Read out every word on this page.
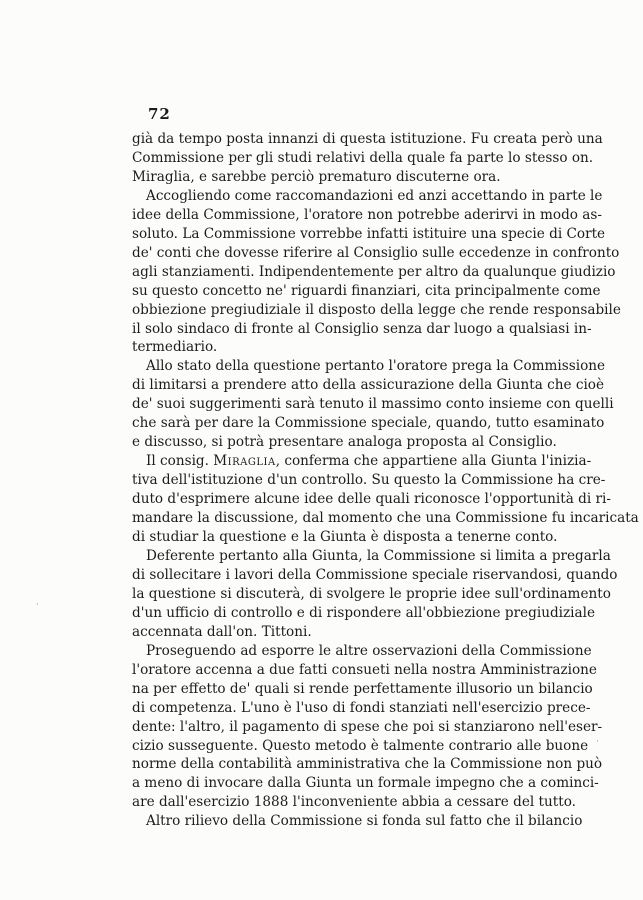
72

già da tempo posta innanzi di questa istituzione. Fu creata però una
Commissione per gli studi relativi della quale fa parte lo stesso on.
Miraglia, e sarebbe perciò prematuro discuterne ora.

Accogliendo come raccomandazioni ed anzi accettando in parte le
idee della Commissione, l'oratore non potrebbe aderirvi in modo as-
soluto. La Commissione vorrebbe infatti istituire una specie di Corte
de' conti che dovesse riferire al Consiglio sulle eccedenze in confronto
agli stanziamenti. Indipendentemente per altro da qualunque giudizio
su questo concetto ne' riguardi finanziari, cita principalmente come
obbiezione pregiudiziale il disposto della legge che rende responsabile
il solo sindaco di fronte al Consiglio senza dar luogo a qualsiasi in-
termediario.

Allo stato della questione pertanto l'oratore prega la Commissione
di limitarsi a prendere atto della assicurazione della Giunta che cioè
de' suoi suggerimenti sarà tenuto il massimo conto insieme con quelli
che sarà per dare la Commissione speciale, quando, tutto esaminato
e discusso, si potrà presentare analoga proposta al Consiglio.

Il consig. Miraglia, conferma che appartiene alla Giunta l'inizia-
tiva dell'istituzione d'un controllo. Su questo la Commissione ha cre-
duto d'esprimere alcune idee delle quali riconosce l'opportunità di ri-
mandare la discussione, dal momento che una Commissione fu incaricata
di studiar la questione e la Giunta è disposta a tenerne conto.

Deferente pertanto alla Giunta, la Commissione si limita a pregarla
di sollecitare i lavori della Commissione speciale riservandosi, quando
la questione si discuterà, di svolgere le proprie idee sull'ordinamento
d'un ufficio di controllo e di rispondere all'obbiezione pregiudiziale
accennata dall'on. Tittoni.

Proseguendo ad esporre le altre osservazioni della Commissione
l'oratore accenna a due fatti consueti nella nostra Amministrazione
na per effetto de' quali si rende perfettamente illusorio un bilancio
di competenza. L'uno è l'uso di fondi stanziati nell'esercizio prece-
dente: l'altro, il pagamento di spese che poi si stanziarono nell'eser-
cizio susseguente. Questo metodo è talmente contrario alle buone
norme della contabilità amministrativa che la Commissione non può
a meno di invocare dalla Giunta un formale impegno che a cominci-
are dall'esercizio 1888 l'inconveniente abbia a cessare del tutto.

Altro rilievo della Commissione si fonda sul fatto che il bilancio

·
·
